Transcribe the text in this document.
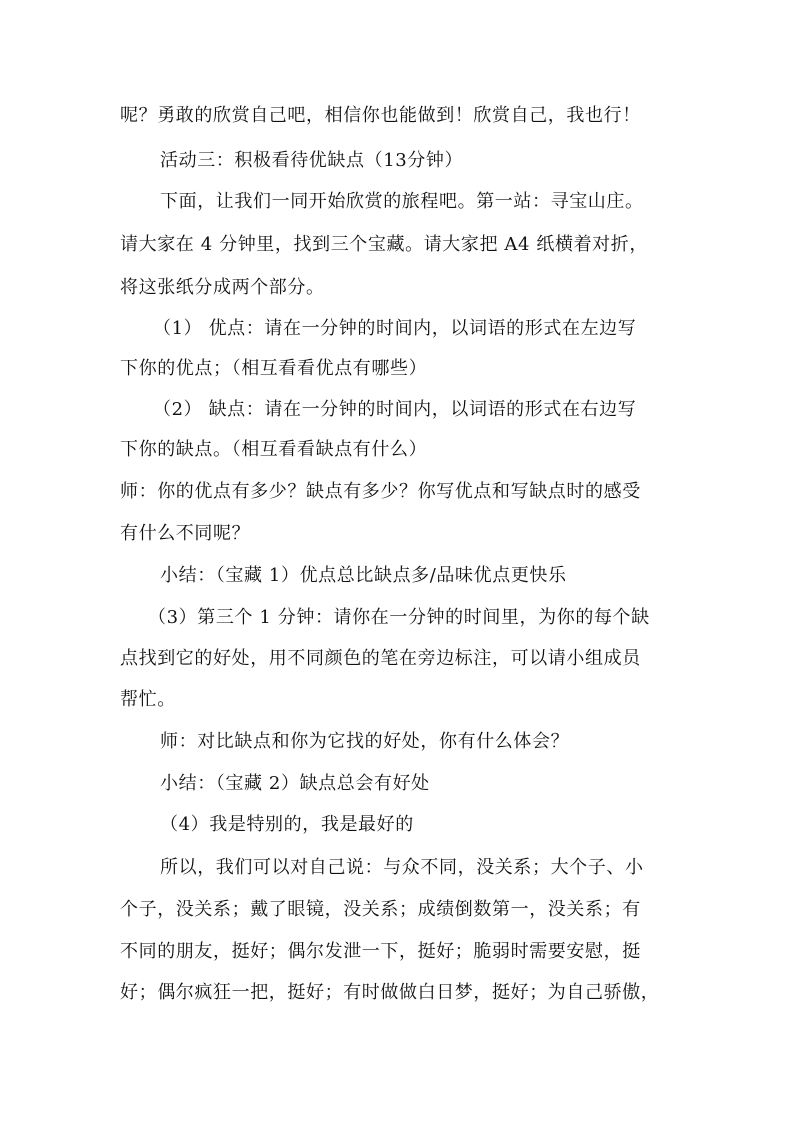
呢？勇敢的欣赏自己吧，相信你也能做到！欣赏自己，我也行！
活动三：积极看待优缺点（13分钟）
下面，让我们一同开始欣赏的旅程吧。第一站：寻宝山庄。
请大家在 4 分钟里，找到三个宝藏。请大家把 A4 纸横着对折，
将这张纸分成两个部分。
（1） 优点：请在一分钟的时间内，以词语的形式在左边写
下你的优点；（相互看看优点有哪些）
（2） 缺点：请在一分钟的时间内，以词语的形式在右边写
下你的缺点。（相互看看缺点有什么）
师：你的优点有多少？缺点有多少？你写优点和写缺点时的感受
有什么不同呢？
小结：（宝藏 1）优点总比缺点多/品味优点更快乐
（3）第三个 1 分钟：请你在一分钟的时间里，为你的每个缺
点找到它的好处，用不同颜色的笔在旁边标注，可以请小组成员
帮忙。
师：对比缺点和你为它找的好处，你有什么体会？
小结：（宝藏 2）缺点总会有好处
（4）我是特别的，我是最好的
所以，我们可以对自己说：与众不同，没关系；大个子、小
个子，没关系；戴了眼镜，没关系；成绩倒数第一，没关系；有
不同的朋友，挺好；偶尔发泄一下，挺好；脆弱时需要安慰，挺
好；偶尔疯狂一把，挺好；有时做做白日梦，挺好；为自己骄傲，
